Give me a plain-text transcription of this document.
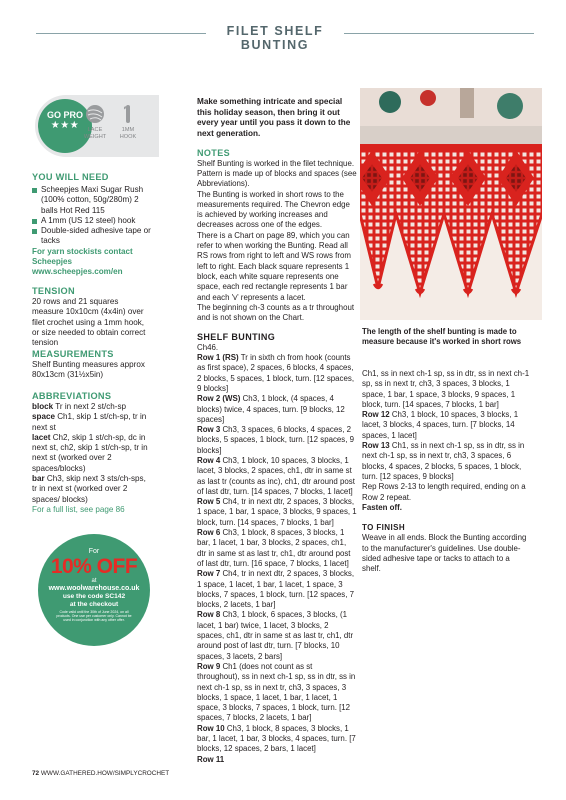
FILET SHELF BUNTING
GO PRO
★★★	LACE
WEIGHT
1MM
HOOK
YOU WILL NEED
Scheepjes Maxi Sugar Rush (100% cotton, 50g/280m) 2 balls Hot Red 115
A 1mm (US 12 steel) hook
Double-sided adhesive tape or tacks
For yarn stockists contact
Scheepjes
www.scheepjes.com/en
TENSION
20 rows and 21 squares measure 10x10cm (4x4in) over filet crochet using a 1mm hook, or size needed to obtain correct tension
MEASUREMENTS
Shelf Bunting measures approx 80x13cm (31½x5in)
ABBREVIATIONS
block Tr in next 2 st/ch-sp
space Ch1, skip 1 st/ch-sp, tr in next st
lacet Ch2, skip 1 st/ch-sp, dc in next st, ch2, skip 1 st/ch-sp, tr in next st (worked over 2 spaces/blocks)
bar Ch3, skip next 3 sts/ch-sps, tr in next st (worked over 2 spaces/ blocks)
For a full list, see page 86
For
10% OFF
at
www.woolwarehouse.co.uk
use the code SC142
at the checkout
Code valid until the 30th of June 2024, on all products. One use per customer only. Cannot be used in conjunction with any other offer.

Make something intricate and special this holiday season, then bring it out every year until you pass it down to the next generation.

NOTES

Shelf Bunting is worked in the filet technique. Pattern is made up of blocks and spaces (see Abbreviations).

The Bunting is worked in short rows to the measurements required. The Chevron edge is achieved by working increases and decreases across one of the edges.

There is a Chart on page 89, which you can refer to when working the Bunting. Read all RS rows from right to left and WS rows from left to right. Each black square represents 1 block, each white square represents one space, each red rectangle represents 1 bar and each 'v' represents a lacet.

The beginning ch-3 counts as a tr throughout and is not shown on the Chart.

SHELF BUNTING

Ch46.

Row 1 (RS) Tr in sixth ch from hook (counts as first space), 2 spaces, 6 blocks, 4 spaces, 2 blocks, 5 spaces, 1 block, turn. [12 spaces, 9 blocks]

Row 2 (WS) Ch3, 1 block, (4 spaces, 4 blocks) twice, 4 spaces, turn. [9 blocks, 12 spaces]

Row 3 Ch3, 3 spaces, 6 blocks, 4 spaces, 2 blocks, 5 spaces, 1 block, turn. [12 spaces, 9 blocks]

Row 4 Ch3, 1 block, 10 spaces, 3 blocks, 1 lacet, 3 blocks, 2 spaces, ch1, dtr in same st as last tr (counts as inc), ch1, dtr around post of last dtr, turn. [14 spaces, 7 blocks, 1 lacet]

Row 5 Ch4, tr in next dtr, 2 spaces, 3 blocks, 1 space, 1 bar, 1 space, 3 blocks, 9 spaces, 1 block, turn. [14 spaces, 7 blocks, 1 bar]

Row 6 Ch3, 1 block, 8 spaces, 3 blocks, 1 bar, 1 lacet, 1 bar, 3 blocks, 2 spaces, ch1, dtr in same st as last tr, ch1, dtr around post of last dtr, turn. [16 space, 7 blocks, 1 lacet]

Row 7 Ch4, tr in next dtr, 2 spaces, 3 blocks, 1 space, 1 lacet, 1 bar, 1 lacet, 1 space, 3 blocks, 7 spaces, 1 block, turn. [12 spaces, 7 blocks, 2 lacets, 1 bar]

Row 8 Ch3, 1 block, 6 spaces, 3 blocks, (1 lacet, 1 bar) twice, 1 lacet, 3 blocks, 2 spaces, ch1, dtr in same st as last tr, ch1, dtr around post of last dtr, turn. [7 blocks, 10 spaces, 3 lacets, 2 bars]

Row 9 Ch1 (does not count as st throughout), ss in next ch-1 sp, ss in dtr, ss in next ch-1 sp, ss in next tr, ch3, 3 spaces, 3 blocks, 1 space, 1 lacet, 1 bar, 1 lacet, 1 space, 3 blocks, 7 spaces, 1 block, turn. [12 spaces, 7 blocks, 2 lacets, 1 bar]

Row 10 Ch3, 1 block, 8 spaces, 3 blocks, 1 bar, 1 lacet, 1 bar, 3 blocks, 4 spaces, turn. [7 blocks, 12 spaces, 2 bars, 1 lacet]

The length of the shelf bunting is made to measure because it's worked in short rows

Ch1, ss in next ch-1 sp, ss in dtr, ss in next ch-1 sp, ss in next tr, ch3, 3 spaces, 3 blocks, 1 space, 1 bar, 1 space, 3 blocks, 9 spaces, 1 block, turn. [14 spaces, 7 blocks, 1 bar]

Row 12 Ch3, 1 block, 10 spaces, 3 blocks, 1 lacet, 3 blocks, 4 spaces, turn. [7 blocks, 14 spaces, 1 lacet]

Row 13 Ch1, ss in next ch-1 sp, ss in dtr, ss in next ch-1 sp, ss in next tr, ch3, 3 spaces, 6 blocks, 4 spaces, 2 blocks, 5 spaces, 1 block, turn. [12 spaces, 9 blocks]

Rep Rows 2-13 to length required, ending on a Row 2 repeat.

Fasten off.

TO FINISH

Weave in all ends. Block the Bunting according to the manufacturer's guidelines. Use double-sided adhesive tape or tacks to attach to a shelf.

Row 11

72 WWW.GATHERED.HOW/SIMPLYCROCHET
PassionForum.ru
